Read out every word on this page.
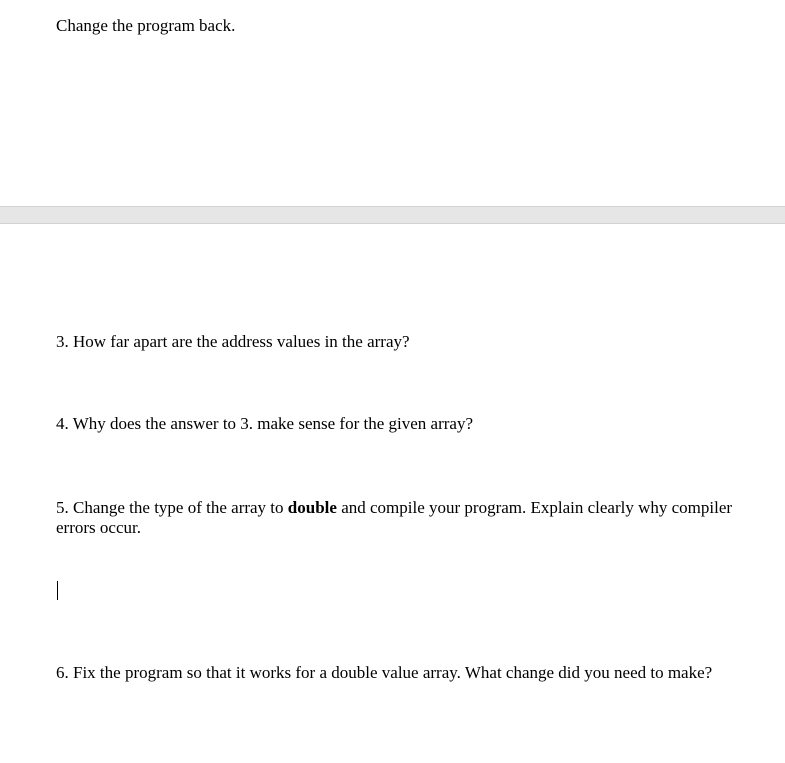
Change the program back.

3. How far apart are the address values in the array?

4. Why does the answer to 3. make sense for the given array?

5. Change the type of the array to double and compile your program. Explain clearly why compiler errors occur.

6. Fix the program so that it works for a double value array. What change did you need to make?
